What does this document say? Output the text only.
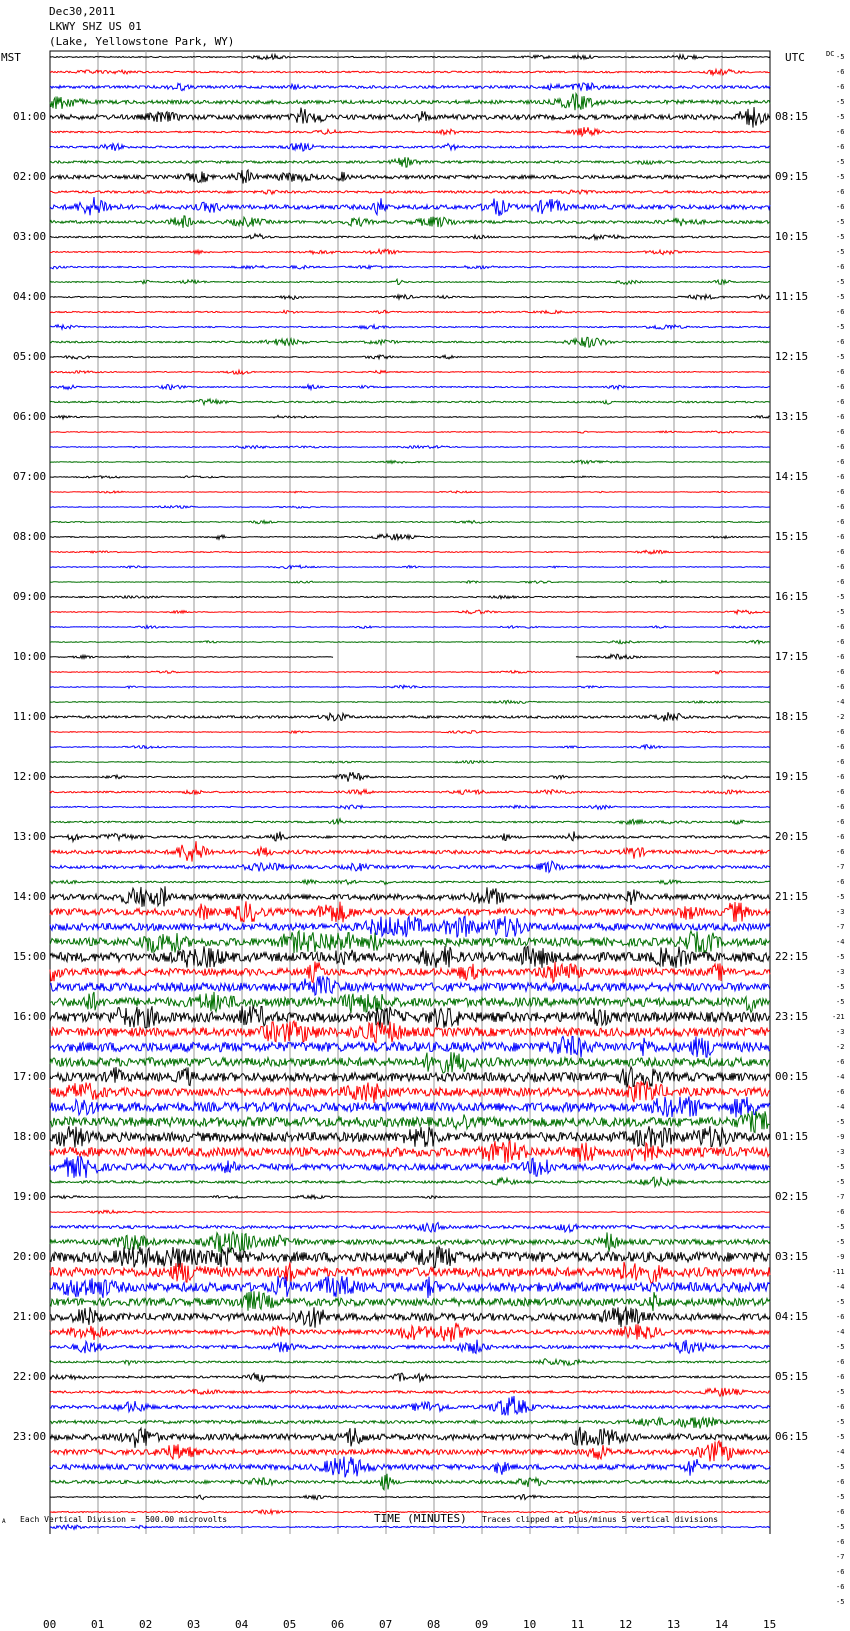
Dec30,2011
LKWY SHZ US 01
(Lake, Yellowstone Park, WY)
MST	UTC	DC -5
-6
-6
-5
-5
-6
-6
-5
-5
-6
-6
-5
-5
-5
-6
-5
-5
-6
-5
-6
-5
-6
-6
-6
-6
-6
-6
-6
-6
-6
-6
-6
-6
-6
-6
-6
-5
-5
-6
-6
-6
-6
-6
-4
-2
-6
-6
-6
-6
-6
-6
-6
-6
-6
-7
-6
-5
-3
-7
-4
-5
-3
-5
-5
-21
-3
-2
-6
-4
-6
-4
-5
-9
-3
-5
-5
-7
-6
-5
-5
-9
-11
-4
-5
-6
-4
-5
-6
-6
-5
-6
-5
-5
-4
-5
-6
-5
-6
-5
-6
-7
-6
-6
-5
01:00	08:15
02:00	09:15
03:00	10:15
04:00	11:15
05:00	12:15
06:00	13:15
07:00	14:15
08:00	15:15
09:00	16:15
10:00	17:15
11:00	18:15
12:00	19:15
13:00	20:15
14:00	21:15
15:00	22:15
16:00	23:15
17:00	00:15
18:00	01:15
19:00	02:15
20:00	03:15
21:00	04:15
22:00	05:15
23:00	06:15
00	01	02	03	04	05	06	07	08	09	10	11	12	13	14	15
TIME (MINUTES)
A Each Vertical Division =  500.00 microvolts	Traces clipped at plus/minus 5 vertical divisions
